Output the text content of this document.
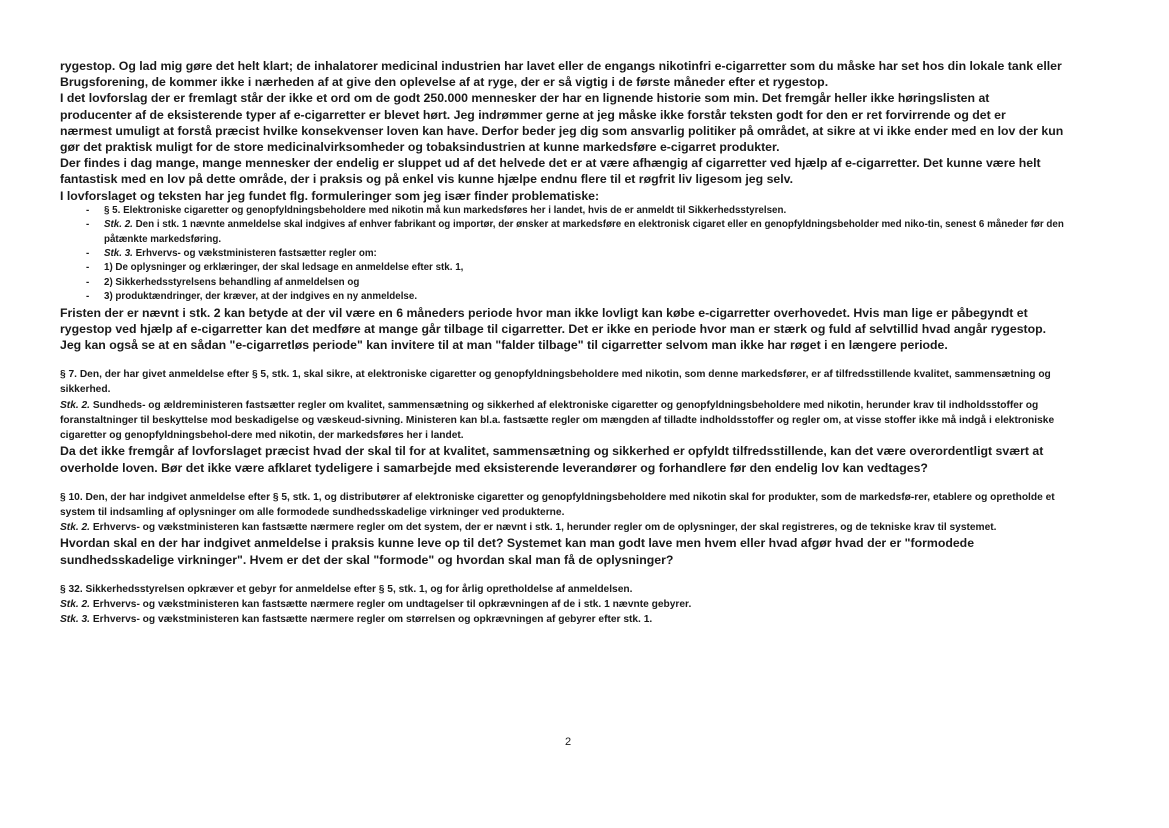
rygestop. Og lad mig gøre det helt klart; de inhalatorer medicinal industrien har lavet eller de engangs nikotinfri e-cigarretter som du måske har set hos din lokale tank eller

Brugsforening, de kommer ikke i nærheden af at give den oplevelse af at ryge, der er så vigtig i de første måneder efter et rygestop.

I det lovforslag der er fremlagt står der ikke et ord om de godt 250.000 mennesker der har en lignende historie som min. Det fremgår heller ikke høringslisten at

producenter af de eksisterende typer af e-cigarretter er blevet hørt. Jeg indrømmer gerne at jeg måske ikke forstår teksten godt for den er ret forvirrende og det er

nærmest umuligt at forstå præcist hvilke konsekvenser loven kan have. Derfor beder jeg dig som ansvarlig politiker på området, at sikre at vi ikke ender med en lov der kun

gør det praktisk muligt for de store medicinalvirksomheder og tobaksindustrien at kunne markedsføre e-cigarret produkter.

Der findes i dag mange, mange mennesker der endelig er sluppet ud af det helvede det er at være afhængig af cigarretter ved hjælp af e-cigarretter. Det kunne være helt

fantastisk med en lov på dette område, der i praksis og på enkel vis kunne hjælpe endnu flere til et røgfrit liv ligesom jeg selv.

I lovforslaget og teksten har jeg fundet flg. formuleringer som jeg især finder problematiske:

- § 5. Elektroniske cigaretter og genopfyldningsbeholdere med nikotin må kun markedsføres her i landet, hvis de er anmeldt til Sikkerhedsstyrelsen.
- Stk. 2. Den i stk. 1 nævnte anmeldelse skal indgives af enhver fabrikant og importør, der ønsker at markedsføre en elektronisk cigaret eller en genopfyldningsbeholder med niko-tin, senest 6 måneder før den påtænkte markedsføring.
- Stk. 3. Erhvervs- og vækstministeren fastsætter regler om:
- 1) De oplysninger og erklæringer, der skal ledsage en anmeldelse efter stk. 1,
- 2) Sikkerhedsstyrelsens behandling af anmeldelsen og
- 3) produktændringer, der kræver, at der indgives en ny anmeldelse.

Fristen der er nævnt i stk. 2 kan betyde at der vil være en 6 måneders periode hvor man ikke lovligt kan købe e-cigarretter overhovedet. Hvis man lige er påbegyndt et

rygestop ved hjælp af e-cigarretter kan det medføre at mange går tilbage til cigarretter. Det er ikke en periode hvor man er stærk og fuld af selvtillid hvad angår rygestop.

Jeg kan også se at en sådan "e-cigarretløs periode" kan invitere til at man "falder tilbage" til cigarretter selvom man ikke har røget i en længere periode.

§ 7. Den, der har givet anmeldelse efter § 5, stk. 1, skal sikre, at elektroniske cigaretter og genopfyldningsbeholdere med nikotin, som denne markedsfører, er af tilfredsstillende kvalitet, sammensætning og sikkerhed.

Stk. 2. Sundheds- og ældreministeren fastsætter regler om kvalitet, sammensætning og sikkerhed af elektroniske cigaretter og genopfyldningsbeholdere med nikotin, herunder krav til indholdsstoffer og foranstaltninger til beskyttelse mod beskadigelse og væskeud-sivning. Ministeren kan bl.a. fastsætte regler om mængden af tilladte indholdsstoffer og regler om, at visse stoffer ikke må indgå i elektroniske cigaretter og genopfyldningsbehol-dere med nikotin, der markedsføres her i landet.

Da det ikke fremgår af lovforslaget præcist hvad der skal til for at kvalitet, sammensætning og sikkerhed er opfyldt tilfredsstillende, kan det være overordentligt svært at

overholde loven. Bør det ikke være afklaret tydeligere i samarbejde med eksisterende leverandører og forhandlere før den endelig lov kan vedtages?

§ 10. Den, der har indgivet anmeldelse efter § 5, stk. 1, og distributører af elektroniske cigaretter og genopfyldningsbeholdere med nikotin skal for produkter, som de markedsfø-rer, etablere og opretholde et system til indsamling af oplysninger om alle formodede sundhedsskadelige virkninger ved produkterne.

Stk. 2. Erhvervs- og vækstministeren kan fastsætte nærmere regler om det system, der er nævnt i stk. 1, herunder regler om de oplysninger, der skal registreres, og de tekniske krav til systemet.

Hvordan skal en der har indgivet anmeldelse i praksis kunne leve op til det? Systemet kan man godt lave men hvem eller hvad afgør hvad der er "formodede

sundhedsskadelige virkninger". Hvem er det der skal "formode" og hvordan skal man få de oplysninger?

§ 32. Sikkerhedsstyrelsen opkræver et gebyr for anmeldelse efter § 5, stk. 1, og for årlig opretholdelse af anmeldelsen.

Stk. 2. Erhvervs- og vækstministeren kan fastsætte nærmere regler om undtagelser til opkrævningen af de i stk. 1 nævnte gebyrer.

Stk. 3. Erhvervs- og vækstministeren kan fastsætte nærmere regler om størrelsen og opkrævningen af gebyrer efter stk. 1.

2
